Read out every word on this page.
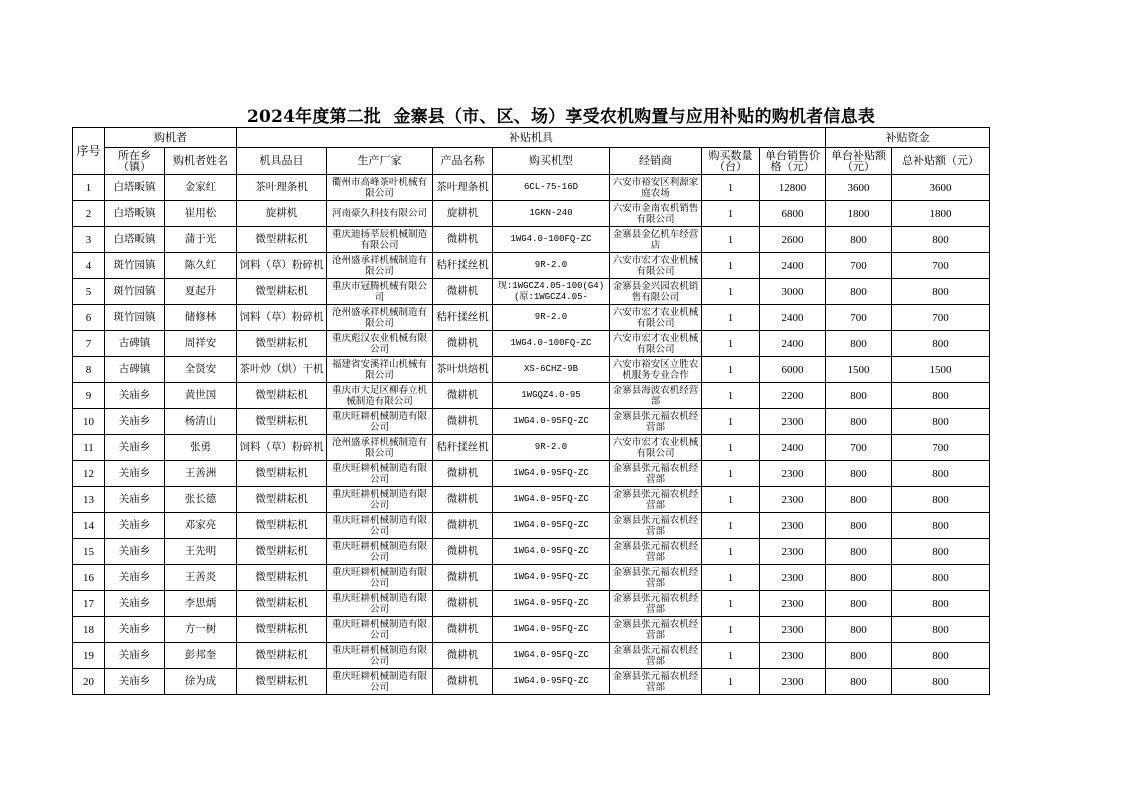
2024年度第二批  金寨县（市、区、场）享受农机购置与应用补贴的购机者信息表
序号	购机者		补贴机具							补贴资金	

	所在乡（镇）	购机者姓名	机具品目	生产厂家	产品名称	购买机型	经销商	购买数量（台）	单台销售价格（元）	单台补贴额（元）	总补贴额（元）
1	白塔畈镇	金家红	茶叶理条机	衢州市高峰茶叶机械有限公司	茶叶理条机	6CL-75-16D	六安市裕安区利源家庭农场	1	12800	3600	3600
2	白塔畈镇	崔用松	旋耕机	河南豪久科技有限公司	旋耕机	1GKN-240	六安市金南农机销售有限公司	1	6800	1800	1800
3	白塔畈镇	蒲于光	微型耕耘机	重庆迪扬莘辰机械制造有限公司	微耕机	1WG4.0-100FQ-ZC	金寨县金亿机车经营店	1	2600	800	800
4	斑竹园镇	陈久红	饲料（草）粉碎机	沧州盛承祥机械制造有限公司	秸秆揉丝机	9R-2.0	六安市宏才农业机械有限公司	1	2400	700	700
5	斑竹园镇	夏起升	微型耕耘机	重庆市冠腾机械有限公司	微耕机	现:1WGCZ4.05-100(G4)(原:1WGCZ4.05-	金寨县金兴园农机销售有限公司	1	3000	800	800
6	斑竹园镇	储修林	饲料（草）粉碎机	沧州盛承祥机械制造有限公司	秸秆揉丝机	9R-2.0	六安市宏才农业机械有限公司	1	2400	700	700
7	古碑镇	周祥安	微型耕耘机	重庆彪汉农业机械有限公司	微耕机	1WG4.0-100FQ-ZC	六安市宏才农业机械有限公司	1	2400	800	800
8	古碑镇	全贤安	茶叶炒（烘）干机	福建省安溪祥山机械有限公司	茶叶烘焙机	XS-6CHZ-9B	六安市裕安区立胜农机服务专业合作	1	6000	1500	1500
9	关庙乡	黄世国	微型耕耘机	重庆市大足区柳春立机械制造有限公司	微耕机	1WGQZ4.0-95	金寨县海波农机经营部	1	2200	800	800
10	关庙乡	杨清山	微型耕耘机	重庆旺耕机械制造有限公司	微耕机	1WG4.0-95FQ-ZC	金寨县张元福农机经营部	1	2300	800	800
11	关庙乡	张勇	饲料（草）粉碎机	沧州盛承祥机械制造有限公司	秸秆揉丝机	9R-2.0	六安市宏才农业机械有限公司	1	2400	700	700
12	关庙乡	王善洲	微型耕耘机	重庆旺耕机械制造有限公司	微耕机	1WG4.0-95FQ-ZC	金寨县张元福农机经营部	1	2300	800	800
13	关庙乡	张长德	微型耕耘机	重庆旺耕机械制造有限公司	微耕机	1WG4.0-95FQ-ZC	金寨县张元福农机经营部	1	2300	800	800
14	关庙乡	邓家亮	微型耕耘机	重庆旺耕机械制造有限公司	微耕机	1WG4.0-95FQ-ZC	金寨县张元福农机经营部	1	2300	800	800
15	关庙乡	王先明	微型耕耘机	重庆旺耕机械制造有限公司	微耕机	1WG4.0-95FQ-ZC	金寨县张元福农机经营部	1	2300	800	800
16	关庙乡	王善炎	微型耕耘机	重庆旺耕机械制造有限公司	微耕机	1WG4.0-95FQ-ZC	金寨县张元福农机经营部	1	2300	800	800
17	关庙乡	李思炳	微型耕耘机	重庆旺耕机械制造有限公司	微耕机	1WG4.0-95FQ-ZC	金寨县张元福农机经营部	1	2300	800	800
18	关庙乡	方一树	微型耕耘机	重庆旺耕机械制造有限公司	微耕机	1WG4.0-95FQ-ZC	金寨县张元福农机经营部	1	2300	800	800
19	关庙乡	彭邦奎	微型耕耘机	重庆旺耕机械制造有限公司	微耕机	1WG4.0-95FQ-ZC	金寨县张元福农机经营部	1	2300	800	800
20	关庙乡	徐为成	微型耕耘机	重庆旺耕机械制造有限公司	微耕机	1WG4.0-95FQ-ZC	金寨县张元福农机经营部	1	2300	800	800
